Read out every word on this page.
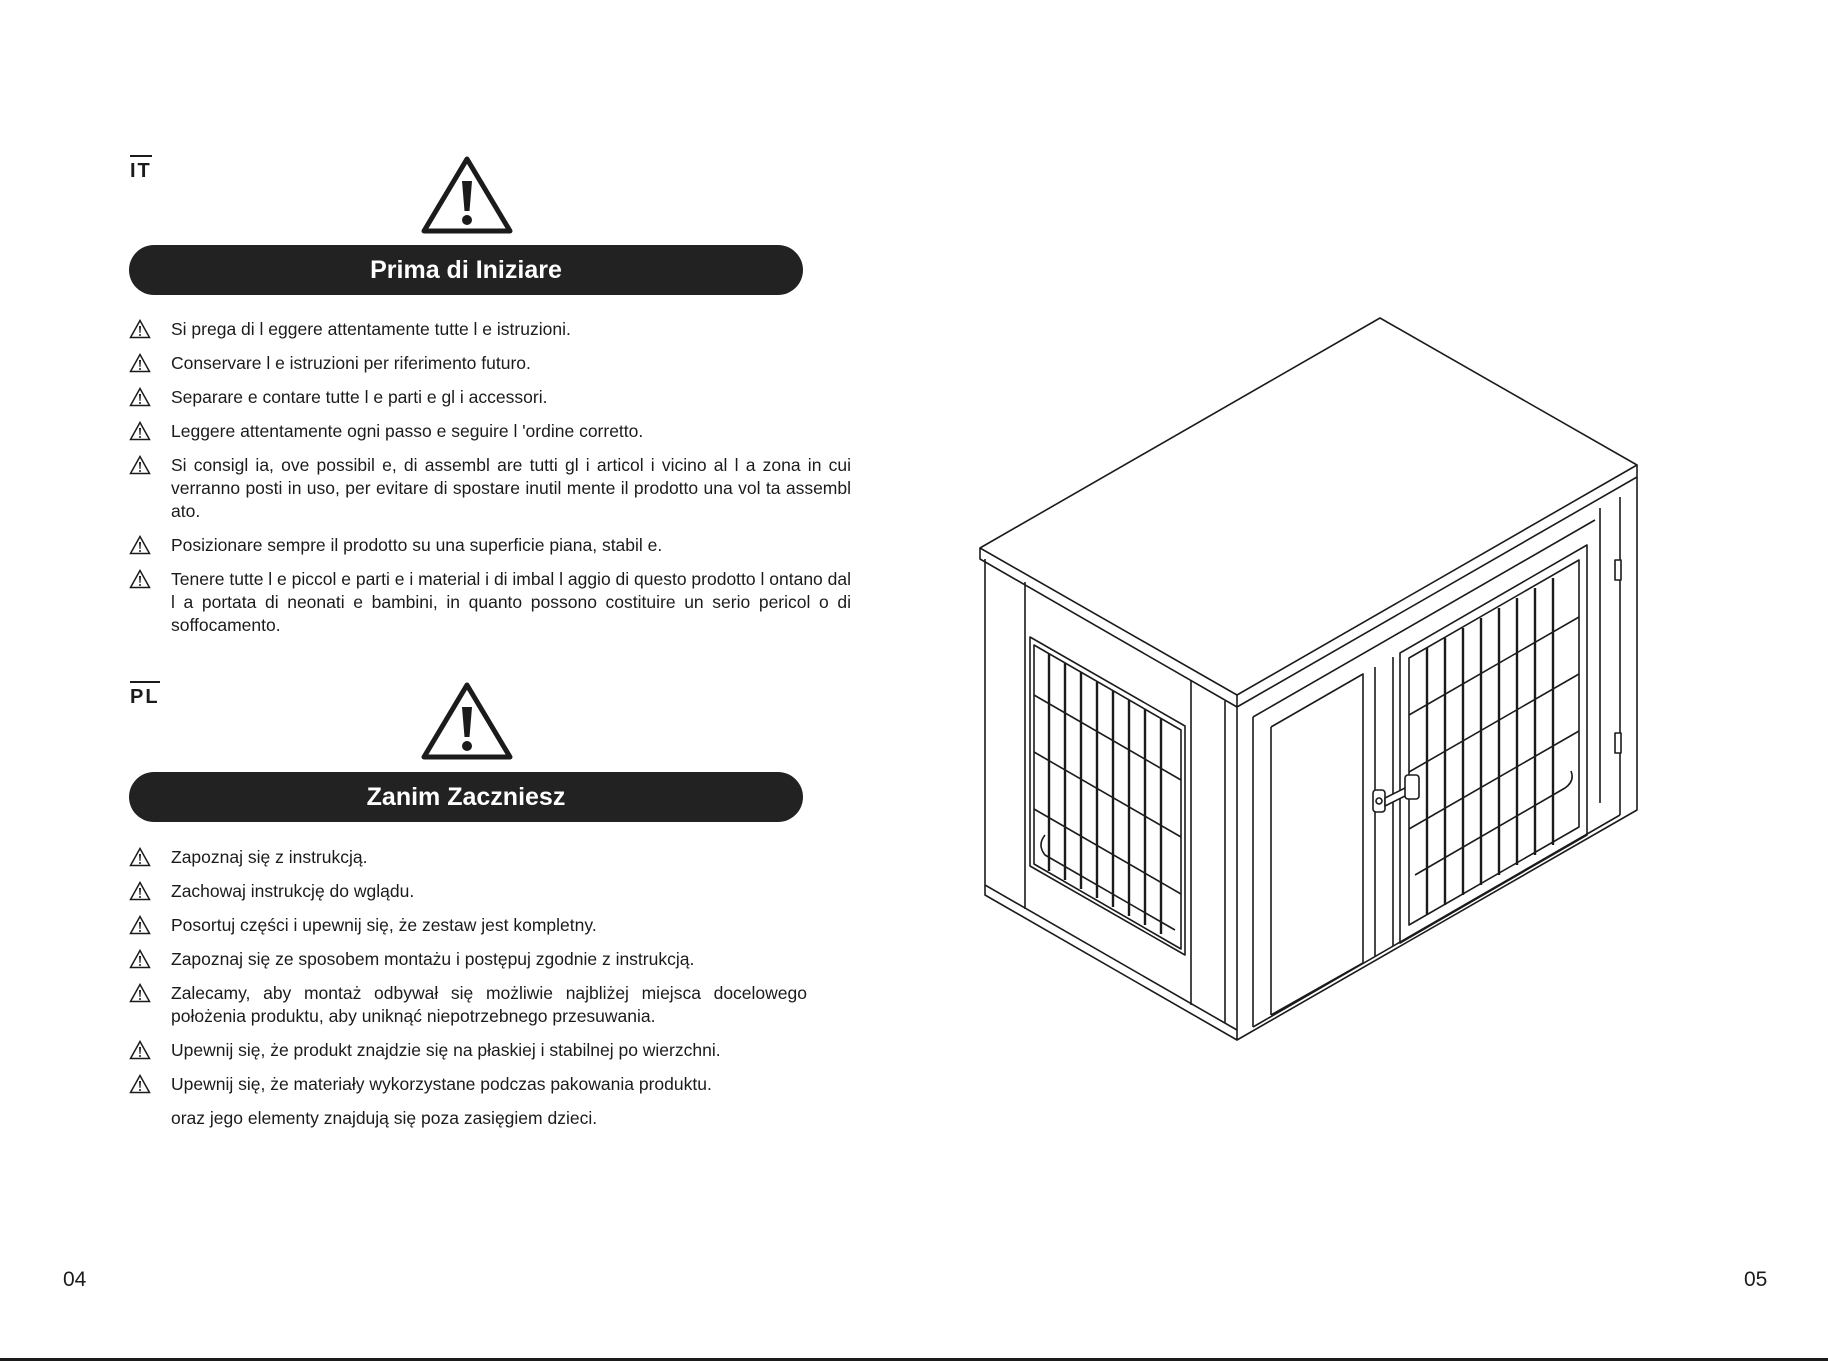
IT
Prima di Iniziare
Si prega di l eggere attentamente tutte l e istruzioni.
Conservare l e istruzioni per riferimento futuro.
Separare e contare tutte l e parti e gl i accessori.
Leggere attentamente ogni passo e seguire l 'ordine corretto.
Si consigl ia, ove possibil e, di assembl are tutti gl i articol i vicino al l a zona in cui verranno posti in uso, per evitare di spostare inutil mente il prodotto una vol ta assembl ato.
Posizionare sempre il prodotto su una superficie piana, stabil e.
Tenere tutte l e piccol e parti e i material i di imbal l aggio di questo prodotto l ontano dal l a portata di neonati e bambini, in quanto possono costituire un serio pericol o di soffocamento.
PL
Zanim Zaczniesz
Zapoznaj się z instrukcją.
Zachowaj instrukcję do wglądu.
Posortuj części i upewnij się, że zestaw jest kompletny.
Zapoznaj się ze sposobem montażu i postępuj zgodnie z instrukcją.
Zalecamy, aby montaż odbywał się możliwie najbliżej miejsca docelowego położenia produktu, aby uniknąć niepotrzebnego przesuwania.
Upewnij się, że produkt znajdzie się na płaskiej i stabilnej po wierzchni.
Upewnij się, że materiały wykorzystane podczas pakowania produktu.
oraz jego elementy znajdują się poza zasięgiem dzieci.
04	05
